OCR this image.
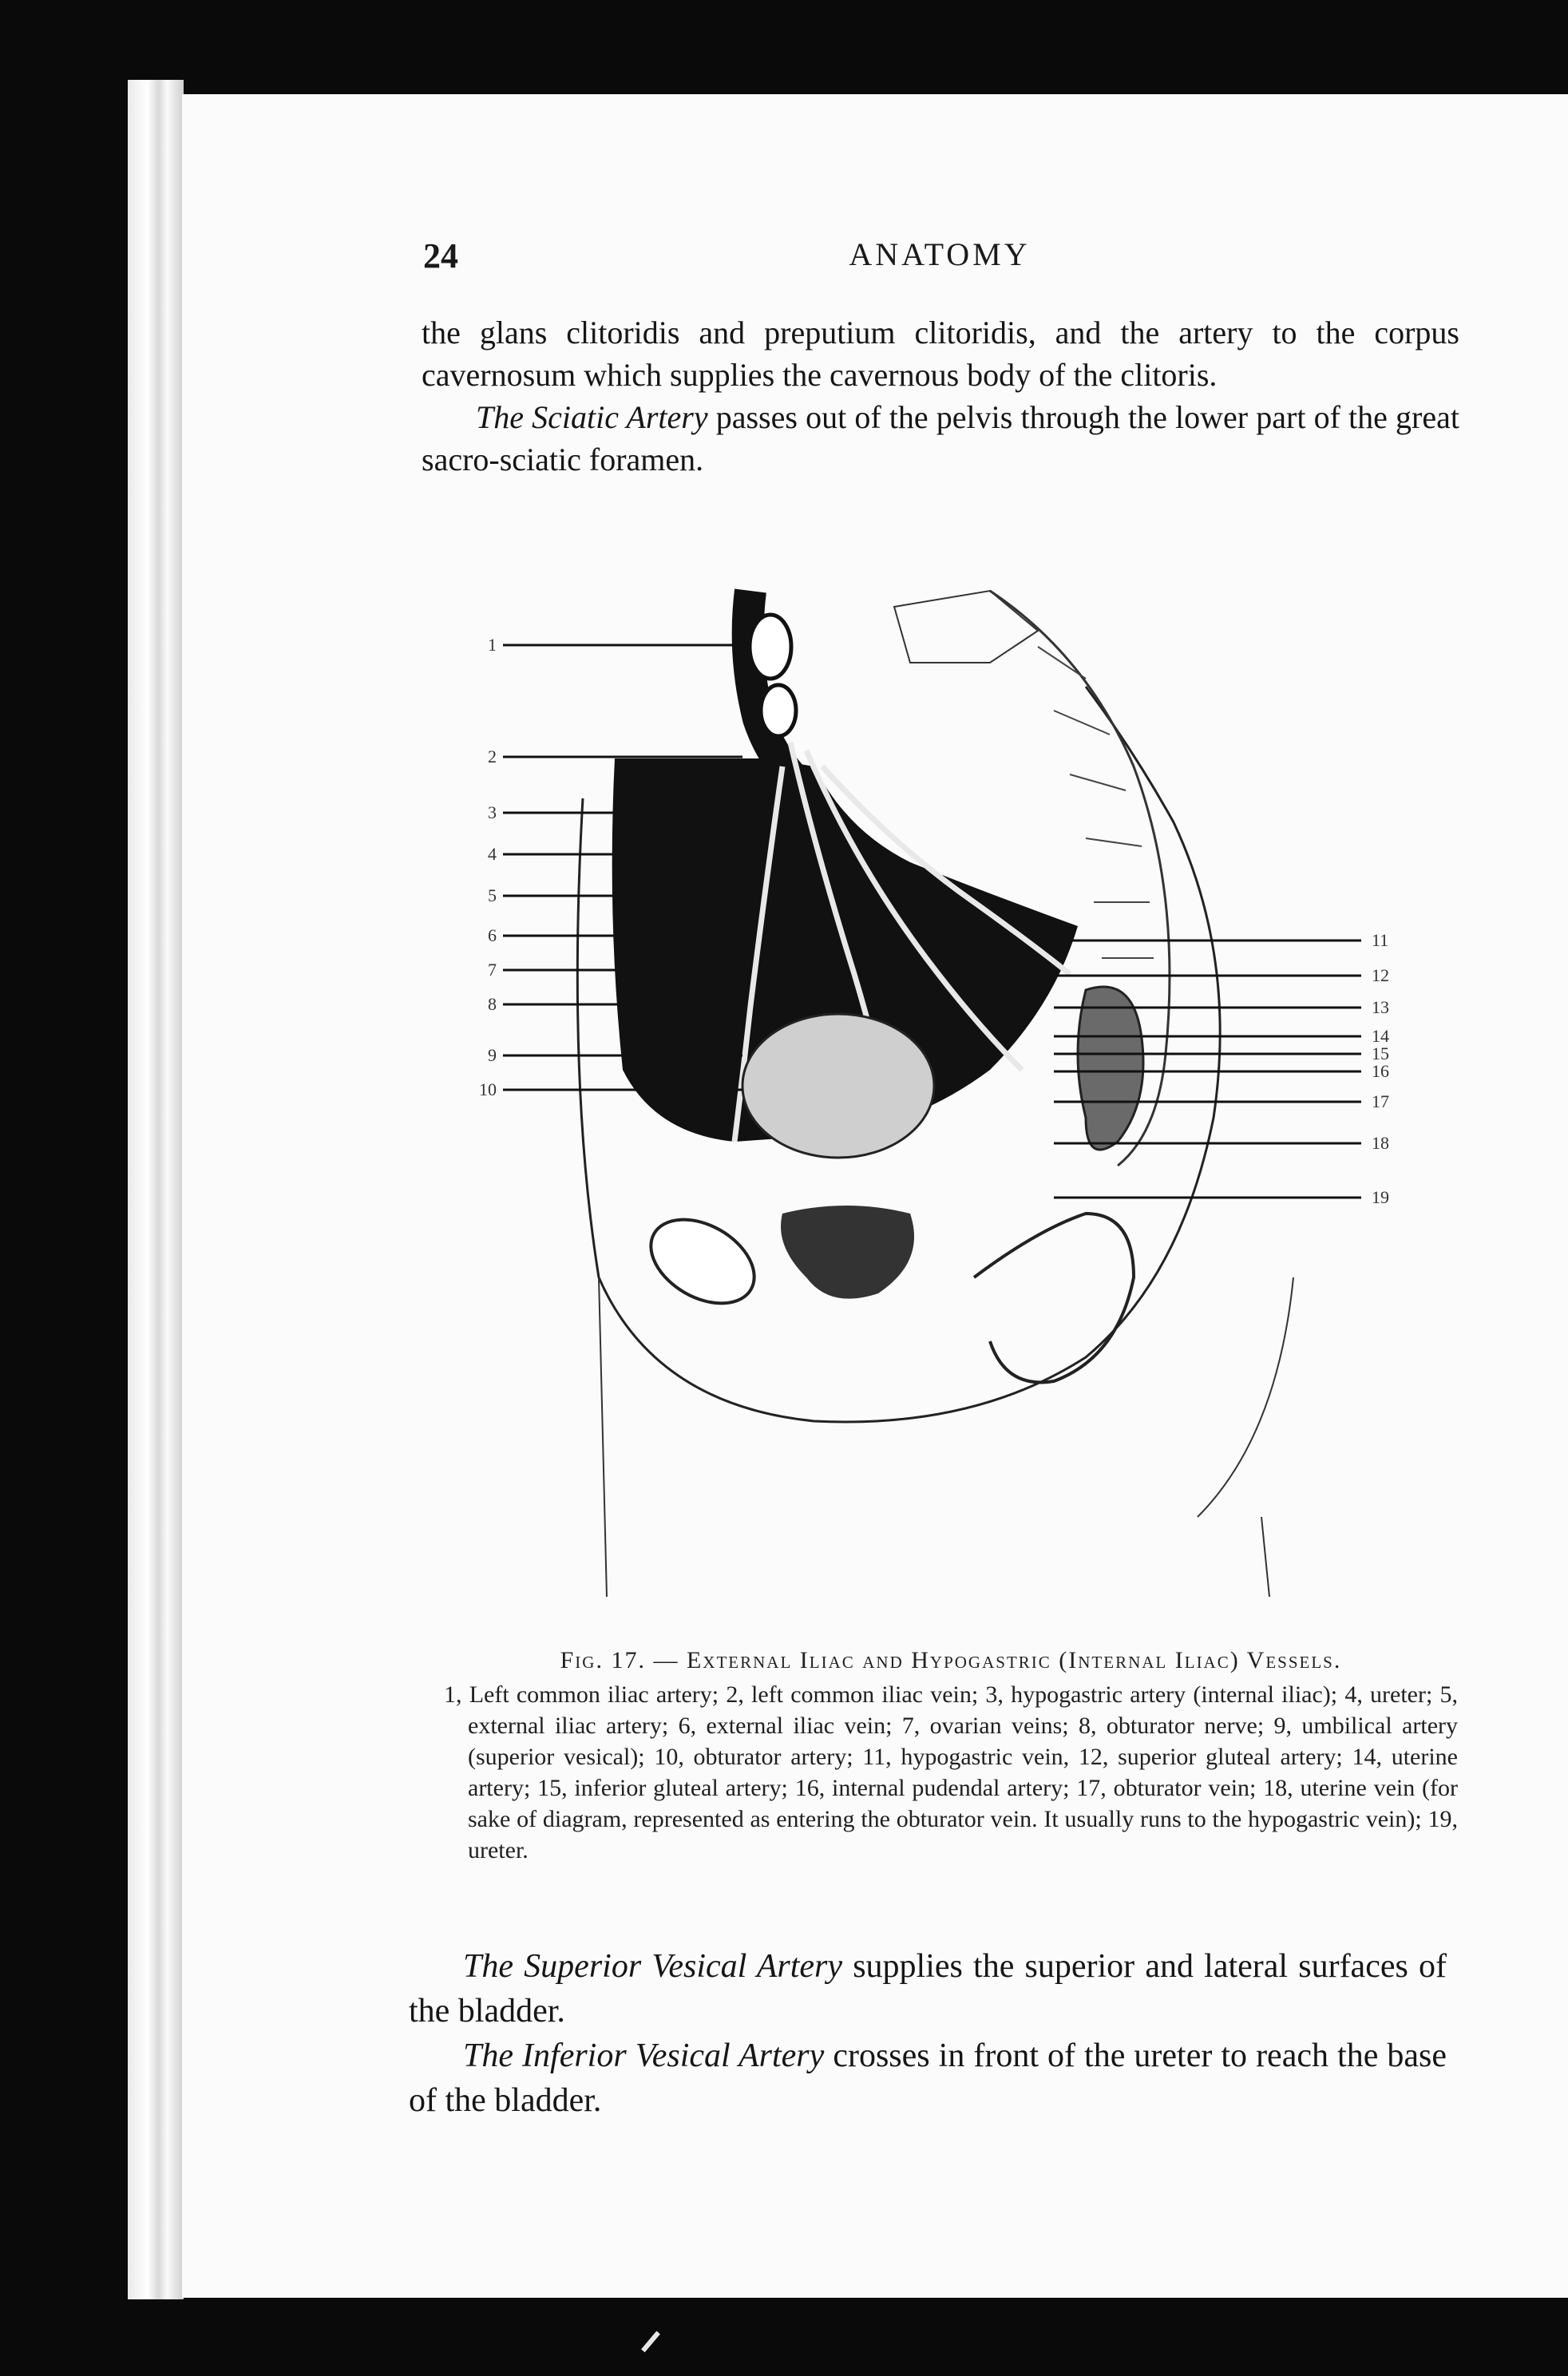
24	ANATOMY

the glans clitoridis and preputium clitoridis, and the artery to the corpus cavernosum which supplies the cavernous body of the clitoris.

The Sciatic Artery passes out of the pelvis through the lower part of the great sacro-sciatic foramen.

1
2
3
4
5
6
7
8
9
10
11
12
13
14
15
16
17
18
19

Fig. 17. — External Iliac and Hypogastric (Internal Iliac) Vessels.

1, Left common iliac artery; 2, left common iliac vein; 3, hypogastric artery (internal iliac); 4, ureter; 5, external iliac artery; 6, external iliac vein; 7, ovarian veins; 8, obturator nerve; 9, umbilical artery (superior vesical); 10, obturator artery; 11, hypogastric vein, 12, superior gluteal artery; 14, uterine artery; 15, inferior gluteal artery; 16, internal pudendal artery; 17, obturator vein; 18, uterine vein (for sake of diagram, represented as entering the obturator vein. It usually runs to the hypogastric vein); 19, ureter.

The Superior Vesical Artery supplies the superior and lateral surfaces of the bladder.

The Inferior Vesical Artery crosses in front of the ureter to reach the base of the bladder.
